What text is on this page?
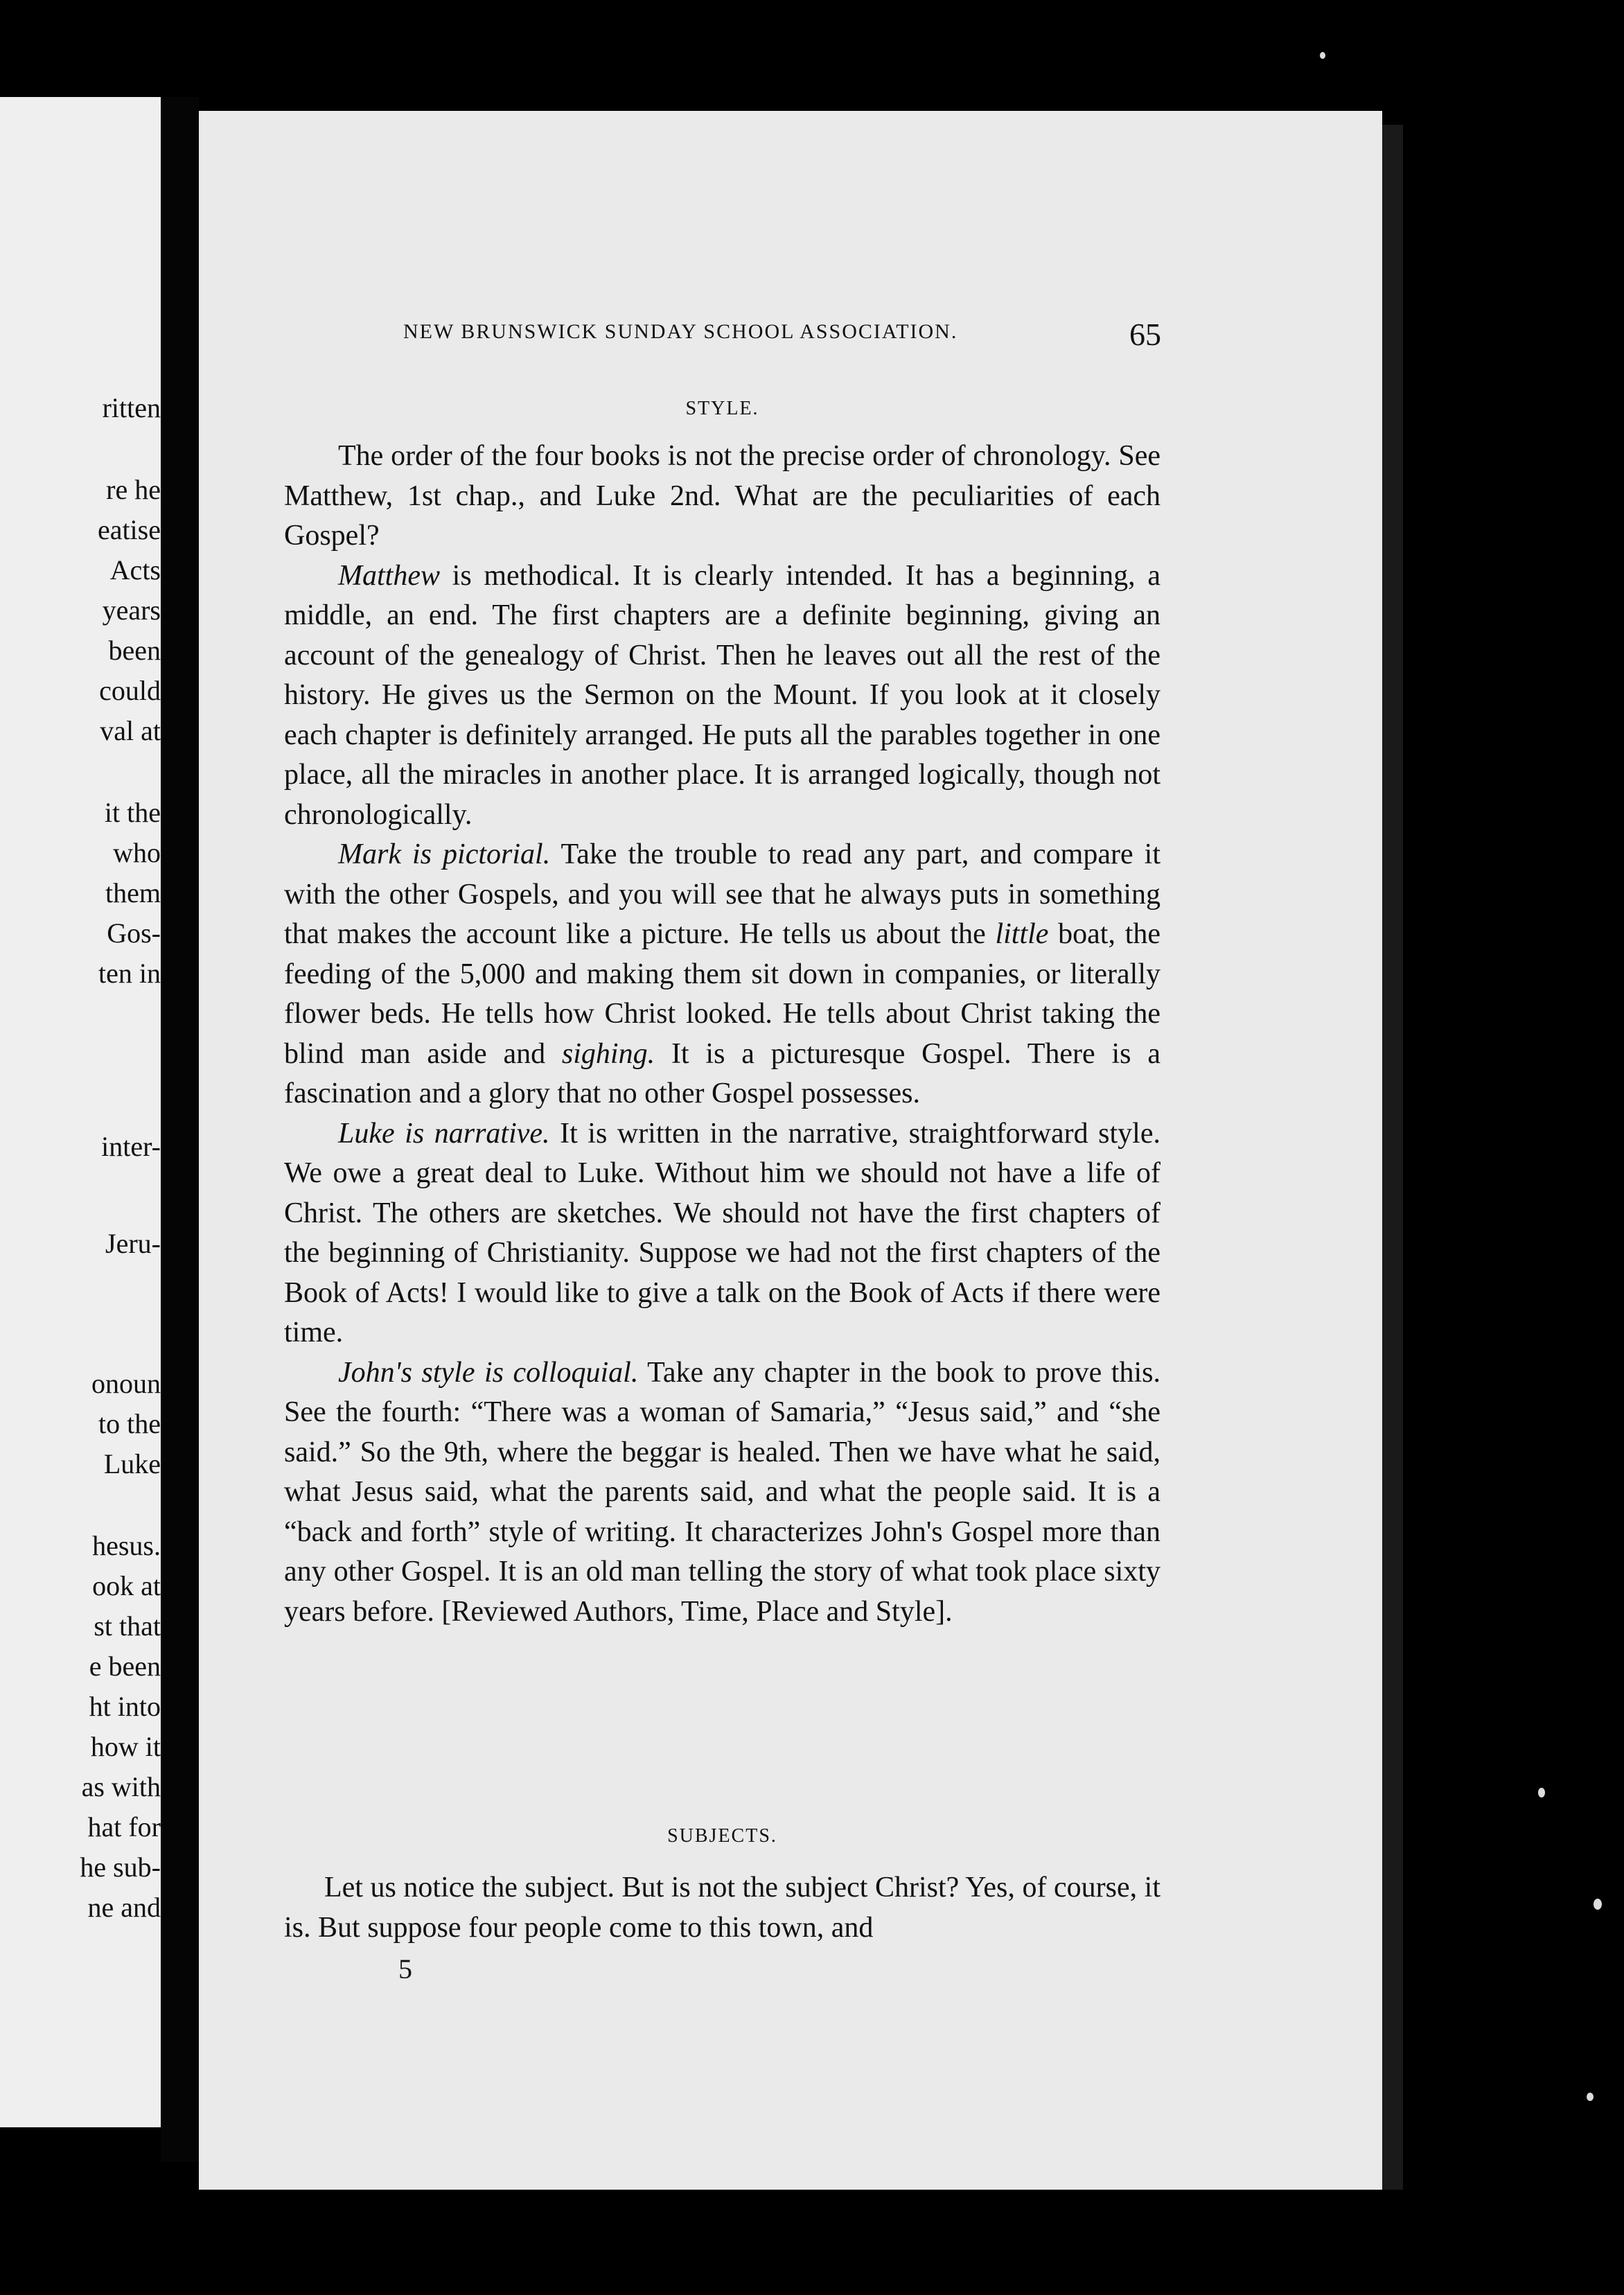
ritten
re he
eatise
Acts
years
been
could
val at
it the
who
them
Gos-
ten in
inter-
Jeru-
onoun
to the
Luke
hesus.
ook at
st that
e been
ht into
how it
as with
hat for
he sub-
ne and
NEW BRUNSWICK SUNDAY SCHOOL ASSOCIATION.	65
STYLE.

The order of the four books is not the precise order of chronology. See Matthew, 1st chap., and Luke 2nd. What are the peculiarities of each Gospel?

Matthew is methodical. It is clearly intended. It has a beginning, a middle, an end. The first chapters are a definite beginning, giving an account of the genealogy of Christ. Then he leaves out all the rest of the history. He gives us the Sermon on the Mount. If you look at it closely each chapter is definitely arranged. He puts all the parables together in one place, all the miracles in another place. It is arranged logically, though not chronologically.

Mark is pictorial. Take the trouble to read any part, and compare it with the other Gospels, and you will see that he always puts in something that makes the account like a picture. He tells us about the little boat, the feeding of the 5,000 and making them sit down in companies, or literally flower beds. He tells how Christ looked. He tells about Christ taking the blind man aside and sighing. It is a picturesque Gospel. There is a fascination and a glory that no other Gospel possesses.

Luke is narrative. It is written in the narrative, straightforward style. We owe a great deal to Luke. Without him we should not have a life of Christ. The others are sketches. We should not have the first chapters of the beginning of Christianity. Suppose we had not the first chapters of the Book of Acts! I would like to give a talk on the Book of Acts if there were time.

John's style is colloquial. Take any chapter in the book to prove this. See the fourth: “There was a woman of Samaria,” “Jesus said,” and “she said.” So the 9th, where the beggar is healed. Then we have what he said, what Jesus said, what the parents said, and what the people said. It is a “back and forth” style of writing. It characterizes John's Gospel more than any other Gospel. It is an old man telling the story of what took place sixty years before. [Reviewed Authors, Time, Place and Style].

SUBJECTS.

Let us notice the subject. But is not the subject Christ? Yes, of course, it is. But suppose four people come to this town, and

5
